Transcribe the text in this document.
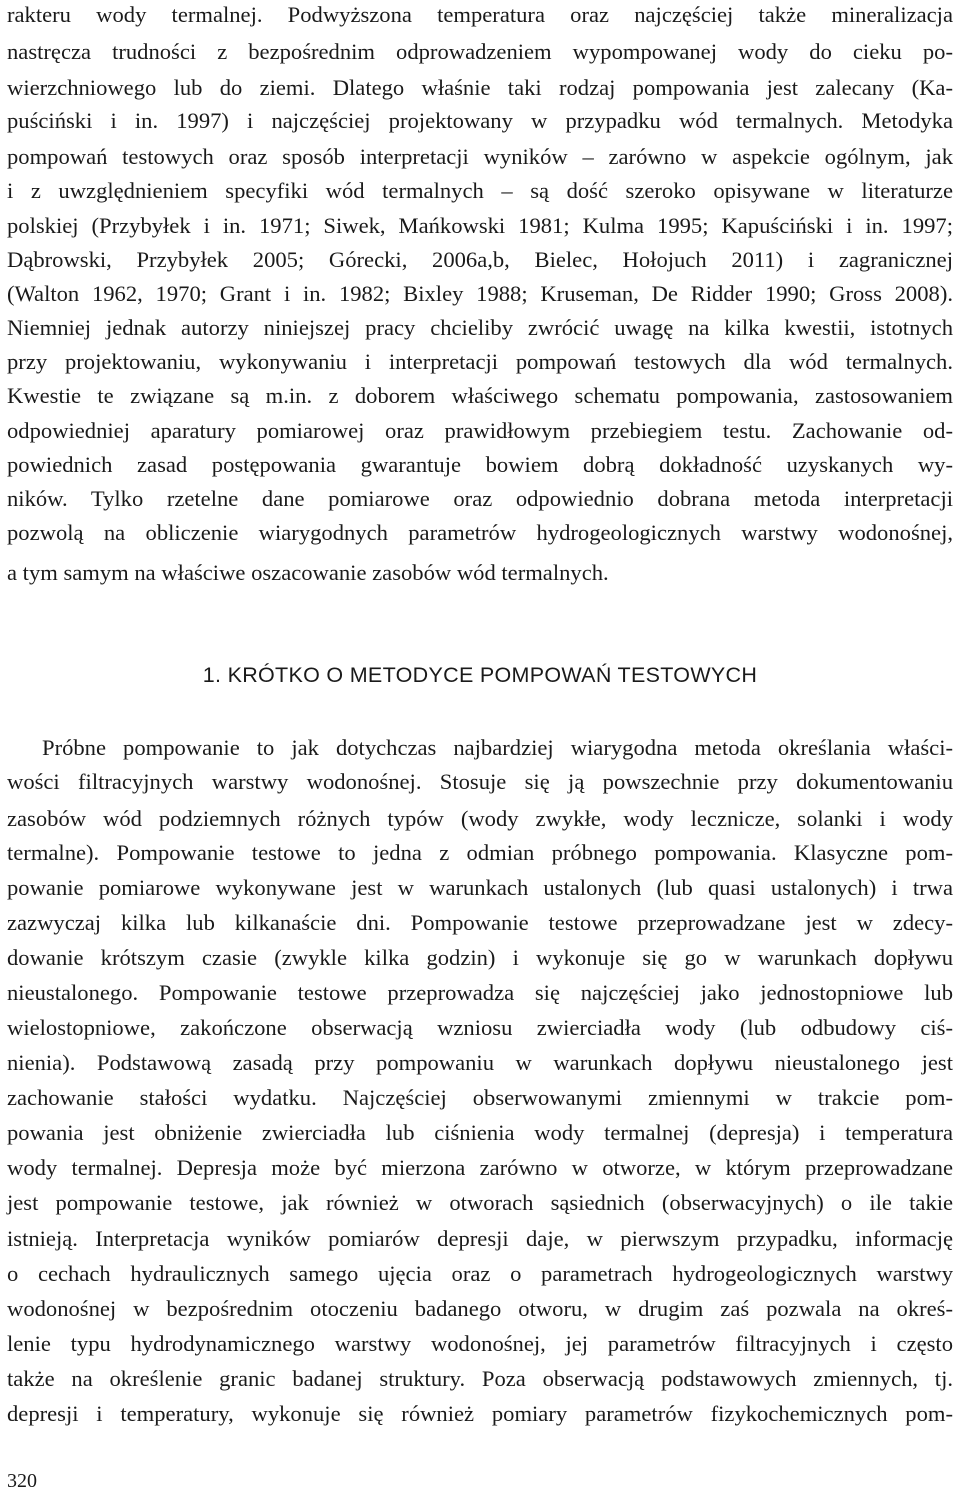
rakteru wody termalnej. Podwyższona temperatura oraz najczęściej także mineralizacja
nastręcza trudności z bezpośrednim odprowadzeniem wypompowanej wody do cieku po-
wierzchniowego lub do ziemi. Dlatego właśnie taki rodzaj pompowania jest zalecany (Ka-
puściński i in. 1997) i najczęściej projektowany w przypadku wód termalnych. Metodyka
pompowań testowych oraz sposób interpretacji wyników – zarówno w aspekcie ogólnym, jak
i z uwzględnieniem specyfiki wód termalnych – są dość szeroko opisywane w literaturze
polskiej (Przybyłek i in. 1971; Siwek, Mańkowski 1981; Kulma 1995; Kapuściński i in. 1997;
Dąbrowski, Przybyłek 2005; Górecki, 2006a,b, Bielec, Hołojuch 2011) i zagranicznej
(Walton 1962, 1970; Grant i in. 1982; Bixley 1988; Kruseman, De Ridder 1990; Gross 2008).
Niemniej jednak autorzy niniejszej pracy chcieliby zwrócić uwagę na kilka kwestii, istotnych
przy projektowaniu, wykonywaniu i interpretacji pompowań testowych dla wód termalnych.
Kwestie te związane są m.in. z doborem właściwego schematu pompowania, zastosowaniem
odpowiedniej aparatury pomiarowej oraz prawidłowym przebiegiem testu. Zachowanie od-
powiednich zasad postępowania gwarantuje bowiem dobrą dokładność uzyskanych wy-
ników. Tylko rzetelne dane pomiarowe oraz odpowiednio dobrana metoda interpretacji
pozwolą na obliczenie wiarygodnych parametrów hydrogeologicznych warstwy wodonośnej,
a tym samym na właściwe oszacowanie zasobów wód termalnych.
1. KRÓTKO O METODYCE POMPOWAŃ TESTOWYCH
Próbne pompowanie to jak dotychczas najbardziej wiarygodna metoda określania właści-
wości filtracyjnych warstwy wodonośnej. Stosuje się ją powszechnie przy dokumentowaniu
zasobów wód podziemnych różnych typów (wody zwykłe, wody lecznicze, solanki i wody
termalne). Pompowanie testowe to jedna z odmian próbnego pompowania. Klasyczne pom-
powanie pomiarowe wykonywane jest w warunkach ustalonych (lub quasi ustalonych) i trwa
zazwyczaj kilka lub kilkanaście dni. Pompowanie testowe przeprowadzane jest w zdecy-
dowanie krótszym czasie (zwykle kilka godzin) i wykonuje się go w warunkach dopływu
nieustalonego. Pompowanie testowe przeprowadza się najczęściej jako jednostopniowe lub
wielostopniowe, zakończone obserwacją wzniosu zwierciadła wody (lub odbudowy ciś-
nienia). Podstawową zasadą przy pompowaniu w warunkach dopływu nieustalonego jest
zachowanie stałości wydatku. Najczęściej obserwowanymi zmiennymi w trakcie pom-
powania jest obniżenie zwierciadła lub ciśnienia wody termalnej (depresja) i temperatura
wody termalnej. Depresja może być mierzona zarówno w otworze, w którym przeprowadzane
jest pompowanie testowe, jak również w otworach sąsiednich (obserwacyjnych) o ile takie
istnieją. Interpretacja wyników pomiarów depresji daje, w pierwszym przypadku, informację
o cechach hydraulicznych samego ujęcia oraz o parametrach hydrogeologicznych warstwy
wodonośnej w bezpośrednim otoczeniu badanego otworu, w drugim zaś pozwala na okreś-
lenie typu hydrodynamicznego warstwy wodonośnej, jej parametrów filtracyjnych i często
także na określenie granic badanej struktury. Poza obserwacją podstawowych zmiennych, tj.
depresji i temperatury, wykonuje się również pomiary parametrów fizykochemicznych pom-
320
